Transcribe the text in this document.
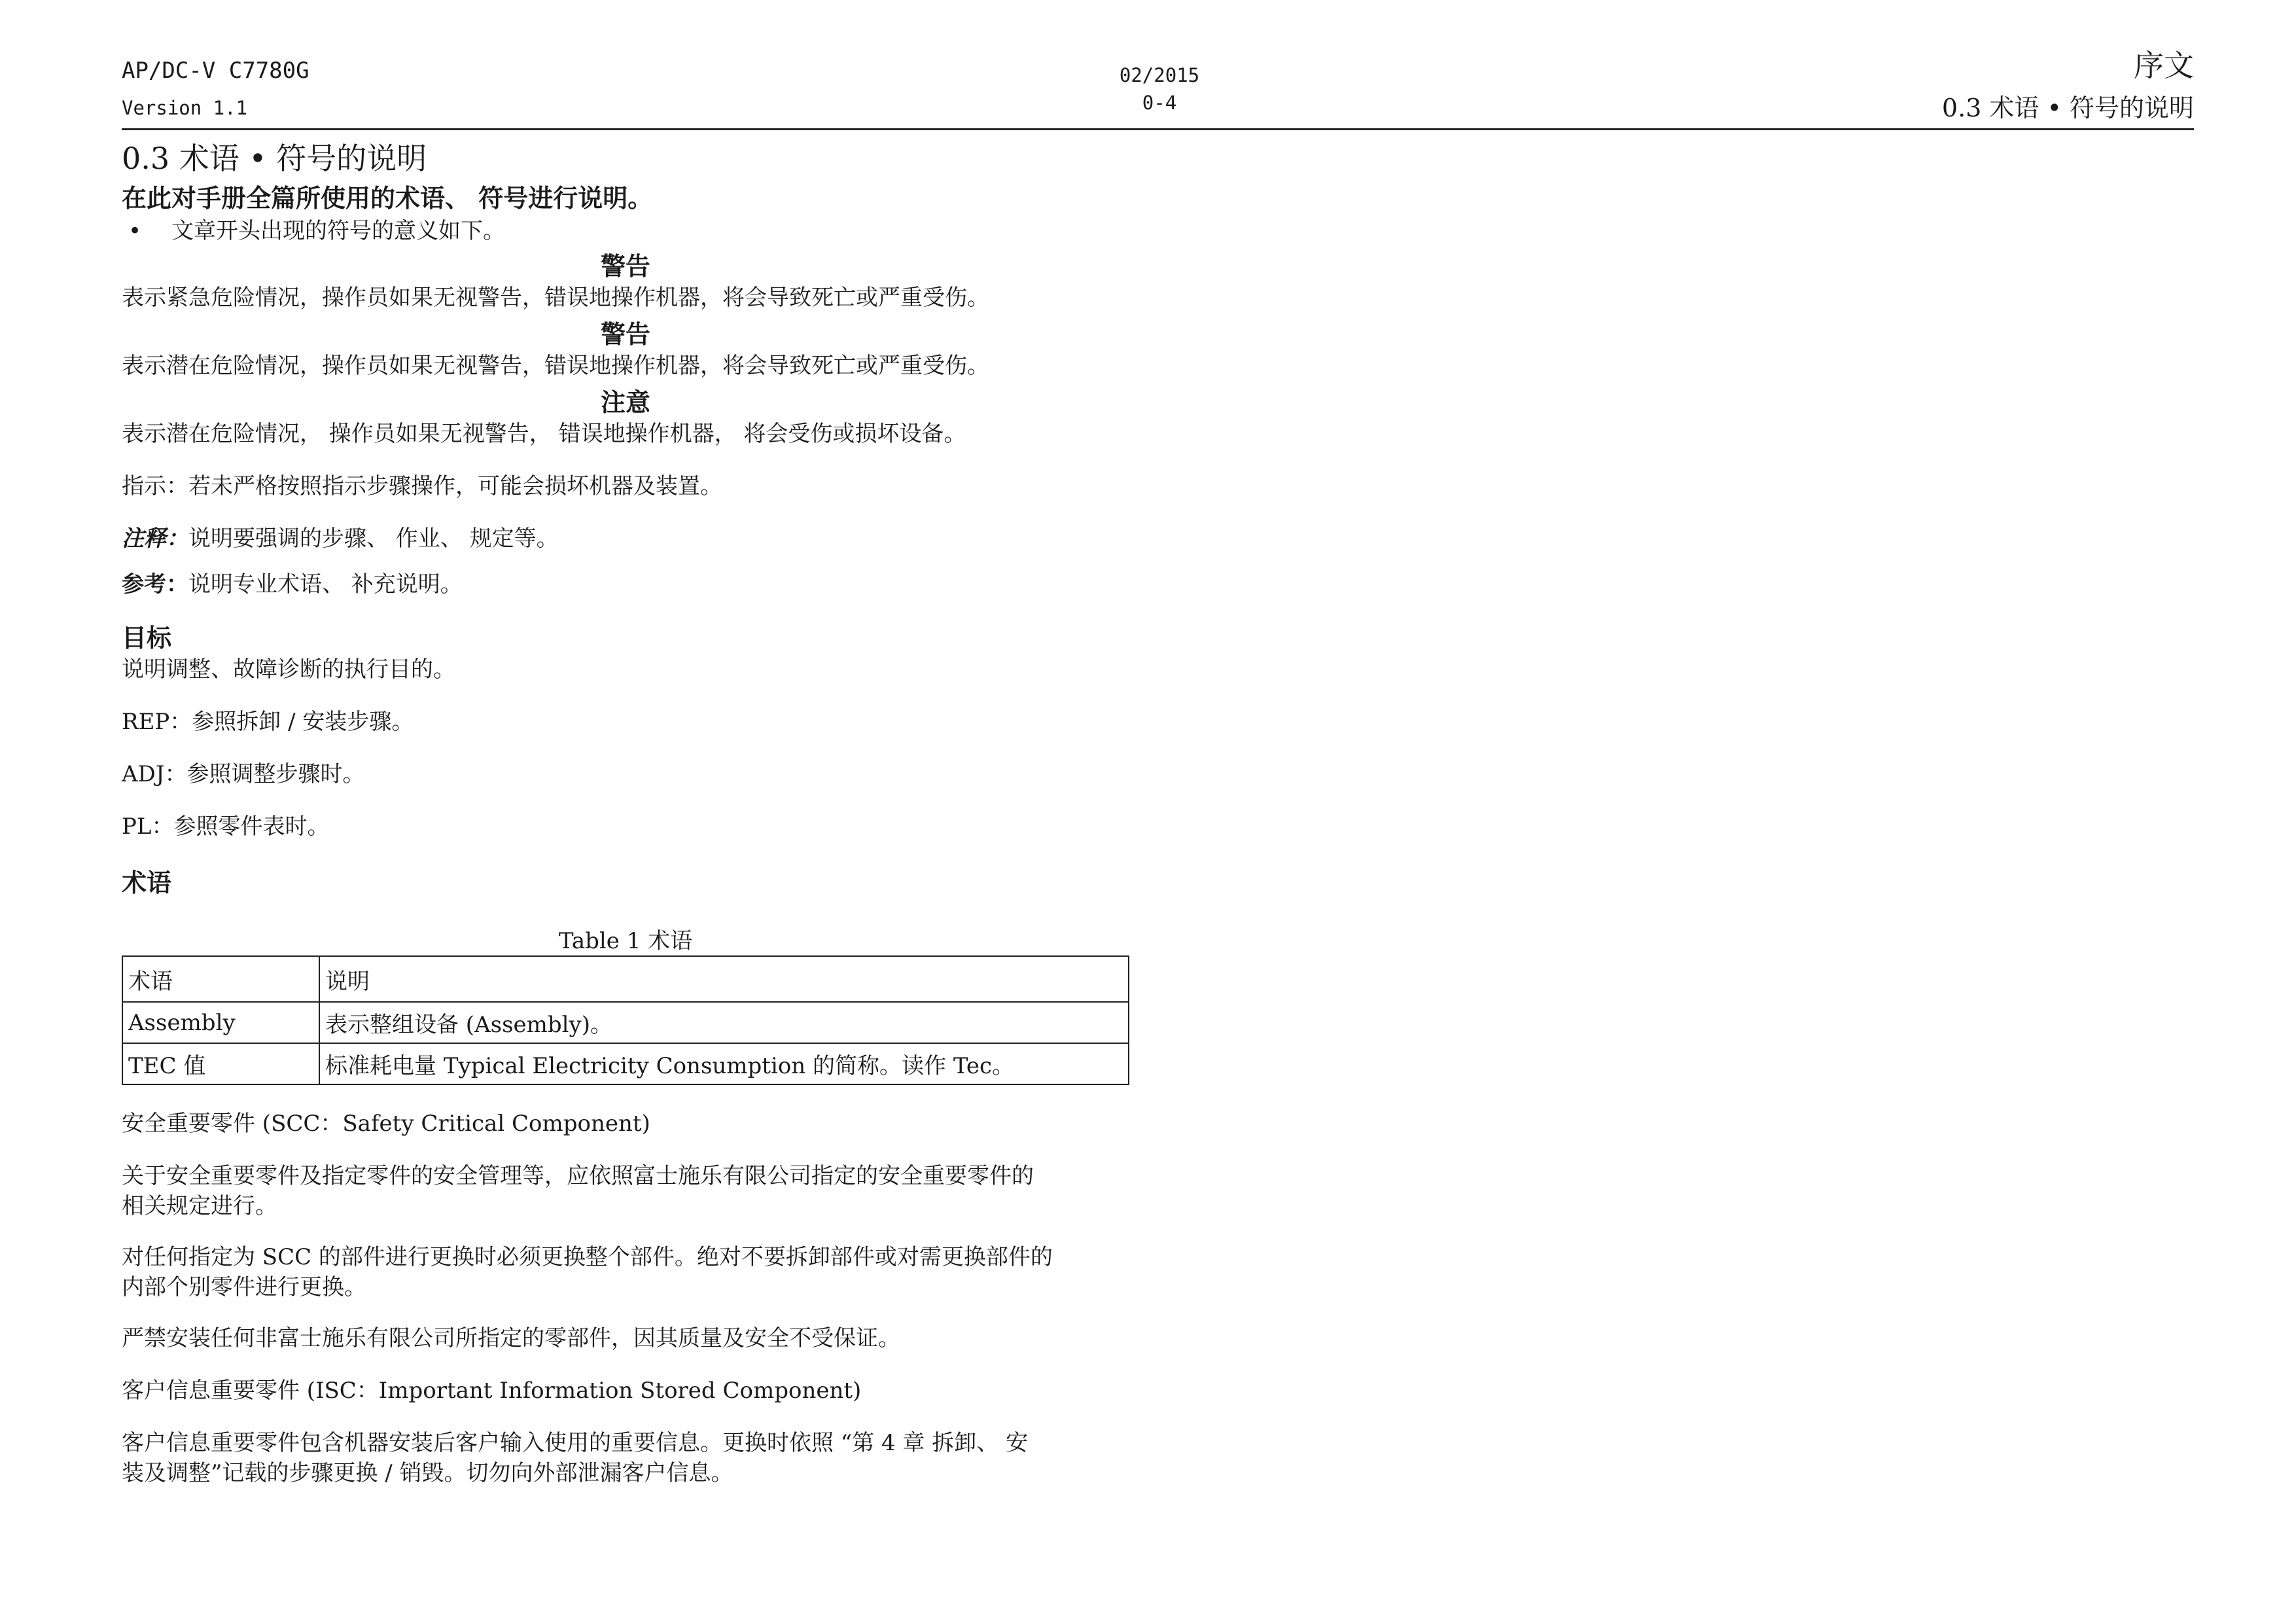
AP/DC-V C7780G
Version 1.1
02/2015
0-4
序文
0.3 术语 • 符号的说明
0.3 术语 • 符号的说明
在此对手册全篇所使用的术语、 符号进行说明。
• 文章开头出现的符号的意义如下。
警告
表示紧急危险情况，操作员如果无视警告，错误地操作机器，将会导致死亡或严重受伤。
警告
表示潜在危险情况，操作员如果无视警告，错误地操作机器，将会导致死亡或严重受伤。
注意
表示潜在危险情况， 操作员如果无视警告， 错误地操作机器， 将会受伤或损坏设备。
指示：若未严格按照指示步骤操作，可能会损坏机器及装置。
注释：说明要强调的步骤、 作业、 规定等。
参考：说明专业术语、 补充说明。
目标
说明调整、故障诊断的执行目的。
REP：参照拆卸 / 安装步骤。
ADJ：参照调整步骤时。
PL：参照零件表时。
术语
Table 1 术语
术语	说明
Assembly	表示整组设备 (Assembly)。
TEC 值	标准耗电量 Typical Electricity Consumption 的简称。读作 Tec。
安全重要零件 (SCC：Safety Critical Component)
关于安全重要零件及指定零件的安全管理等，应依照富士施乐有限公司指定的安全重要零件的
相关规定进行。
对任何指定为 SCC 的部件进行更换时必须更换整个部件。绝对不要拆卸部件或对需更换部件的
内部个别零件进行更换。
严禁安装任何非富士施乐有限公司所指定的零部件，因其质量及安全不受保证。
客户信息重要零件 (ISC：Important Information Stored Component)
客户信息重要零件包含机器安装后客户输入使用的重要信息。更换时依照 “第 4 章 拆卸、 安
装及调整”记载的步骤更换 / 销毁。切勿向外部泄漏客户信息。
